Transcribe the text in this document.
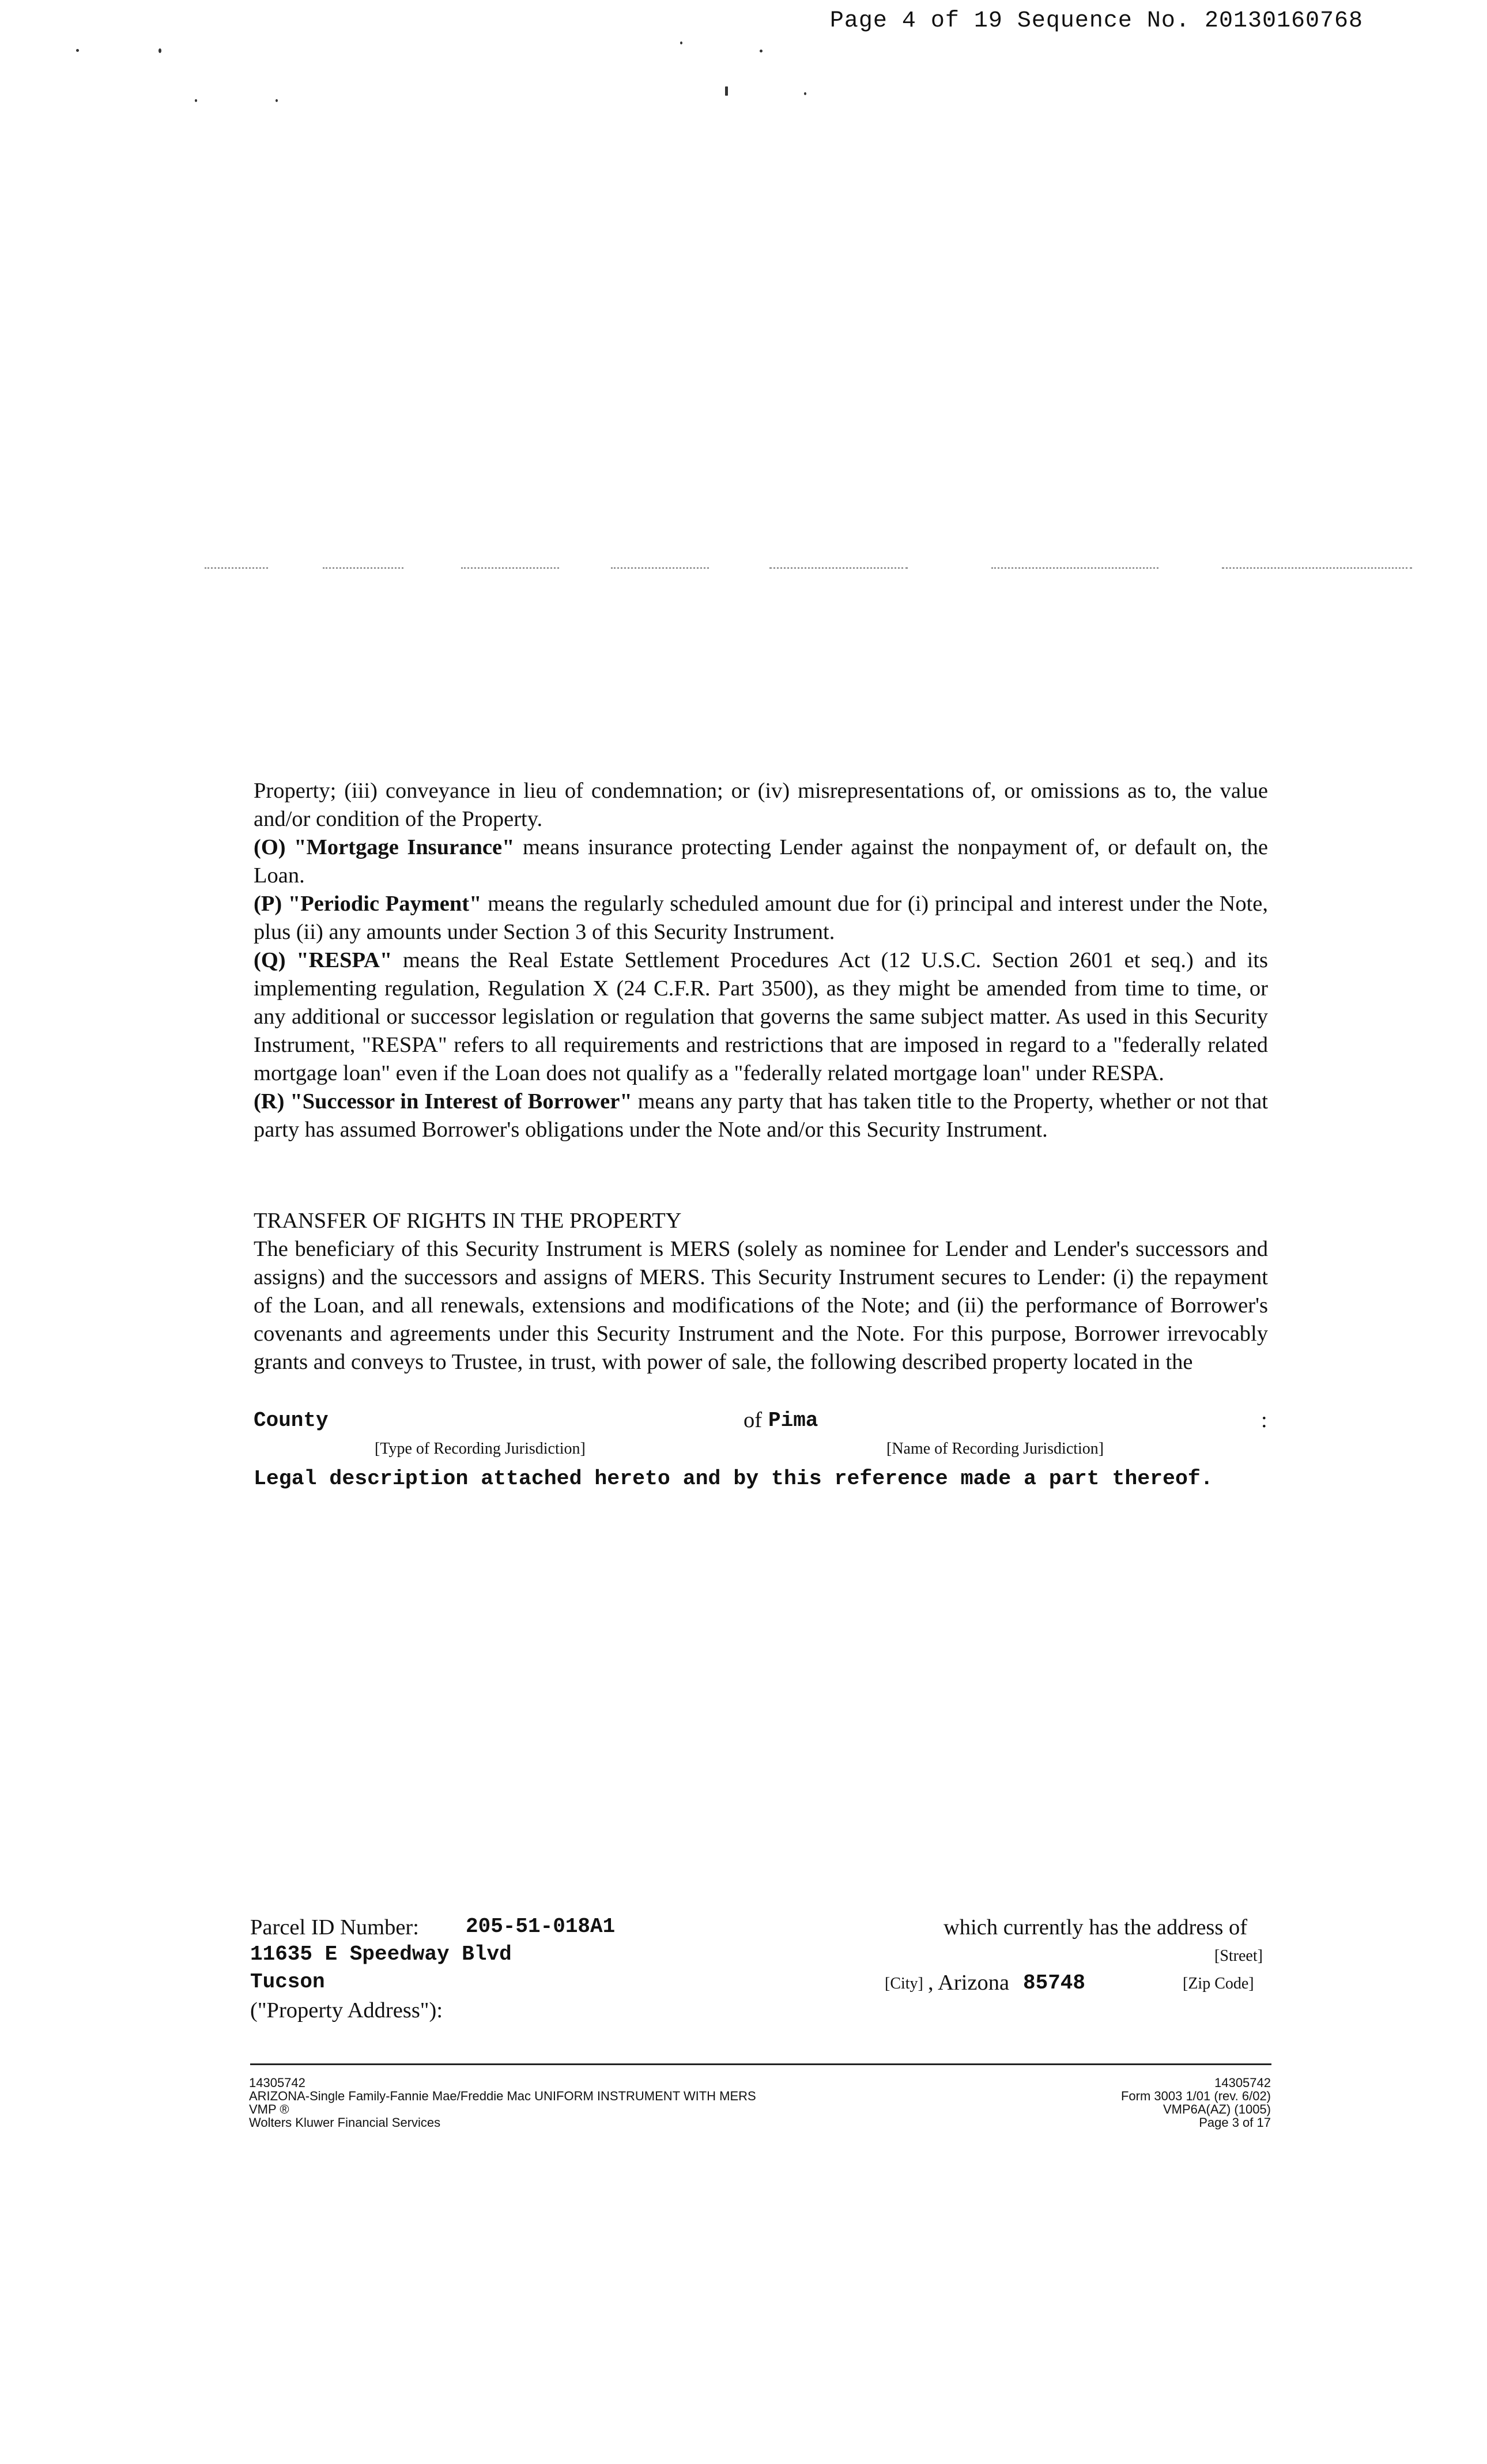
Page 4 of 19 Sequence No. 20130160768

Property; (iii) conveyance in lieu of condemnation; or (iv) misrepresentations of, or omissions as to, the value and/or condition of the Property.

(O) "Mortgage Insurance" means insurance protecting Lender against the nonpayment of, or default on, the Loan.

(P) "Periodic Payment" means the regularly scheduled amount due for (i) principal and interest under the Note, plus (ii) any amounts under Section 3 of this Security Instrument.

(Q) "RESPA" means the Real Estate Settlement Procedures Act (12 U.S.C. Section 2601 et seq.) and its implementing regulation, Regulation X (24 C.F.R. Part 3500), as they might be amended from time to time, or any additional or successor legislation or regulation that governs the same subject matter. As used in this Security Instrument, "RESPA" refers to all requirements and restrictions that are imposed in regard to a "federally related mortgage loan" even if the Loan does not qualify as a "federally related mortgage loan" under RESPA.

(R) "Successor in Interest of Borrower" means any party that has taken title to the Property, whether or not that party has assumed Borrower's obligations under the Note and/or this Security Instrument.

TRANSFER OF RIGHTS IN THE PROPERTY

The beneficiary of this Security Instrument is MERS (solely as nominee for Lender and Lender's successors and assigns) and the successors and assigns of MERS. This Security Instrument secures to Lender: (i) the repayment of the Loan, and all renewals, extensions and modifications of the Note; and (ii) the performance of Borrower's covenants and agreements under this Security Instrument and the Note. For this purpose, Borrower irrevocably grants and conveys to Trustee, in trust, with power of sale, the following described property located in the

County	of Pima	:
[Type of Recording Jurisdiction]	[Name of Recording Jurisdiction]
Legal description attached hereto and by this reference made a part thereof.
Parcel ID Number: 205-51-018A1	which currently has the address of
11635 E Speedway Blvd	[Street]
Tucson	[City] , Arizona 85748	[Zip Code]
("Property Address"):
14305742
ARIZONA-Single Family-Fannie Mae/Freddie Mac UNIFORM INSTRUMENT WITH MERS
VMP ®
Wolters Kluwer Financial Services
14305742
Form 3003 1/01 (rev. 6/02)
VMP6A(AZ) (1005)
Page 3 of 17
